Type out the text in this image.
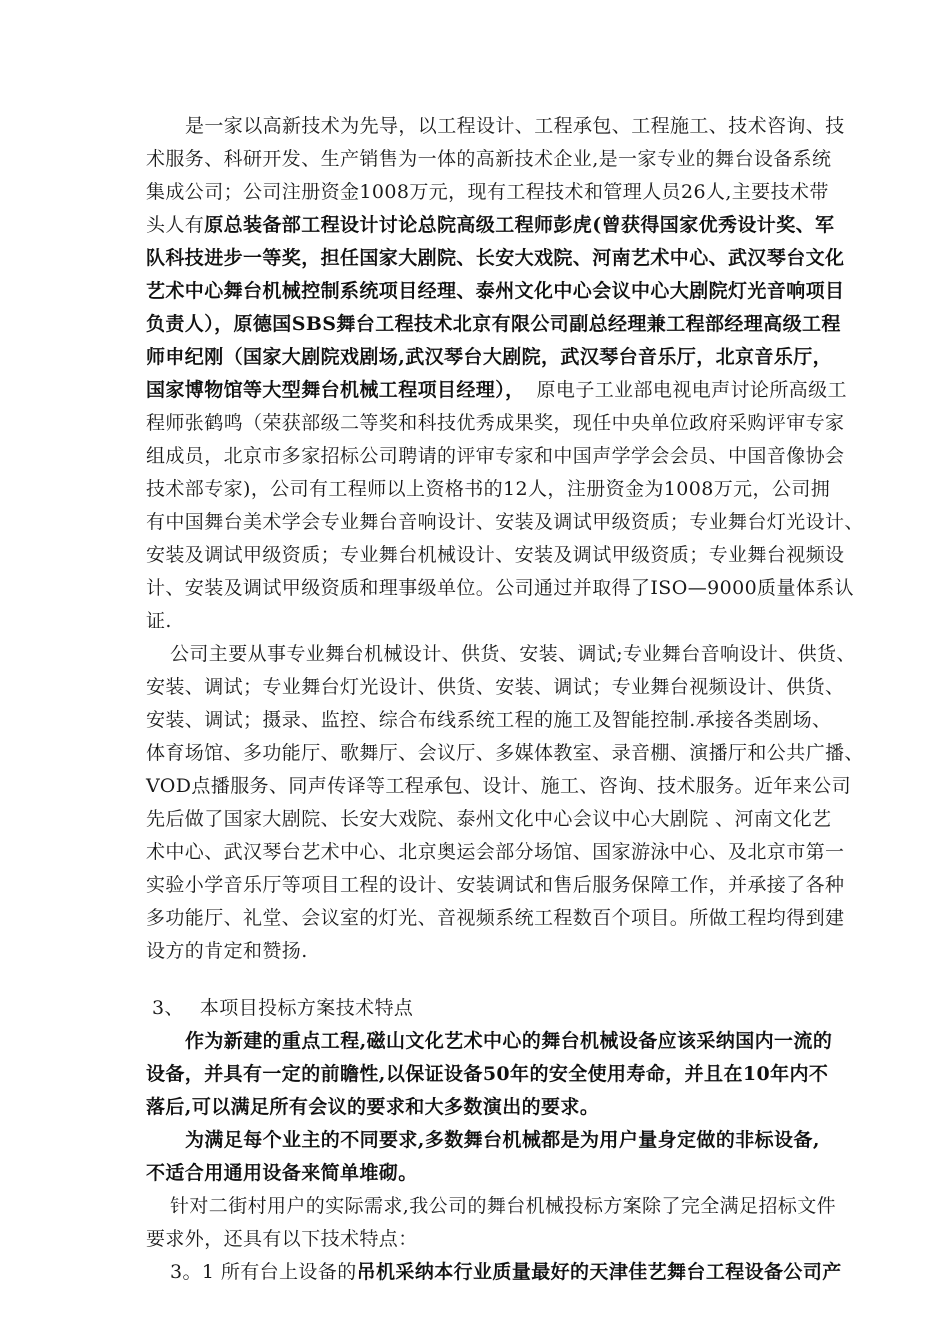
是一家以高新技术为先导，以工程设计、工程承包、工程施工、技术咨询、技
术服务、科研开发、生产销售为一体的高新技术企业,是一家专业的舞台设备系统
集成公司；公司注册资金1008万元，现有工程技术和管理人员26人,主要技术带
头人有原总装备部工程设计讨论总院高级工程师彭虎(曾获得国家优秀设计奖、军
队科技进步一等奖，担任国家大剧院、长安大戏院、河南艺术中心、武汉琴台文化
艺术中心舞台机械控制系统项目经理、泰州文化中心会议中心大剧院灯光音响项目
负责人），原德国SBS舞台工程技术北京有限公司副总经理兼工程部经理高级工程
师申纪刚（国家大剧院戏剧场,武汉琴台大剧院，武汉琴台音乐厅，北京音乐厅，
国家博物馆等大型舞台机械工程项目经理）， 原电子工业部电视电声讨论所高级工
程师张鹤鸣（荣获部级二等奖和科技优秀成果奖，现任中央单位政府采购评审专家
组成员，北京市多家招标公司聘请的评审专家和中国声学学会会员、中国音像协会
技术部专家)，公司有工程师以上资格书的12人，注册资金为1008万元，公司拥
有中国舞台美术学会专业舞台音响设计、安装及调试甲级资质；专业舞台灯光设计、
安装及调试甲级资质；专业舞台机械设计、安装及调试甲级资质；专业舞台视频设
计、安装及调试甲级资质和理事级单位。公司通过并取得了ISO—9000质量体系认
证.
公司主要从事专业舞台机械设计、供货、安装、调试;专业舞台音响设计、供货、
安装、调试；专业舞台灯光设计、供货、安装、调试；专业舞台视频设计、供货、
安装、调试；摄录、监控、综合布线系统工程的施工及智能控制.承接各类剧场、
体育场馆、多功能厅、歌舞厅、会议厅、多媒体教室、录音棚、演播厅和公共广播、
VOD点播服务、同声传译等工程承包、设计、施工、咨询、技术服务。近年来公司
先后做了国家大剧院、长安大戏院、泰州文化中心会议中心大剧院 、河南文化艺
术中心、武汉琴台艺术中心、北京奥运会部分场馆、国家游泳中心、及北京市第一
实验小学音乐厅等项目工程的设计、安装调试和售后服务保障工作，并承接了各种
多功能厅、礼堂、会议室的灯光、音视频系统工程数百个项目。所做工程均得到建
设方的肯定和赞扬.
3、 本项目投标方案技术特点
作为新建的重点工程,磁山文化艺术中心的舞台机械设备应该采纳国内一流的
设备，并具有一定的前瞻性,以保证设备50年的安全使用寿命，并且在10年内不
落后,可以满足所有会议的要求和大多数演出的要求。
为满足每个业主的不同要求,多数舞台机械都是为用户量身定做的非标设备,
不适合用通用设备来简单堆砌。
针对二街村用户的实际需求,我公司的舞台机械投标方案除了完全满足招标文件
要求外，还具有以下技术特点：
3。1 所有台上设备的吊机采纳本行业质量最好的天津佳艺舞台工程设备公司产
